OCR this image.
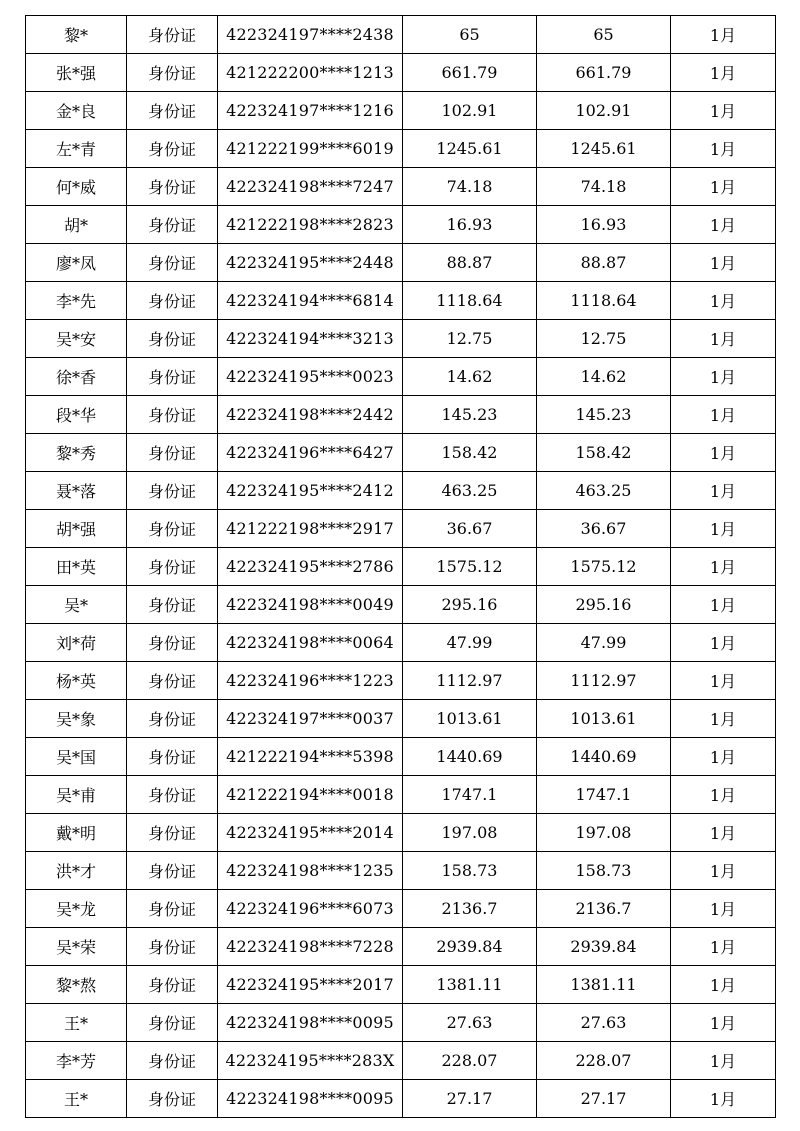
黎*	身份证	422324197****2438	65	65	1月
张*强	身份证	421222200****1213	661.79	661.79	1月
金*良	身份证	422324197****1216	102.91	102.91	1月
左*青	身份证	421222199****6019	1245.61	1245.61	1月
何*威	身份证	422324198****7247	74.18	74.18	1月
胡*	身份证	421222198****2823	16.93	16.93	1月
廖*凤	身份证	422324195****2448	88.87	88.87	1月
李*先	身份证	422324194****6814	1118.64	1118.64	1月
吴*安	身份证	422324194****3213	12.75	12.75	1月
徐*香	身份证	422324195****0023	14.62	14.62	1月
段*华	身份证	422324198****2442	145.23	145.23	1月
黎*秀	身份证	422324196****6427	158.42	158.42	1月
聂*落	身份证	422324195****2412	463.25	463.25	1月
胡*强	身份证	421222198****2917	36.67	36.67	1月
田*英	身份证	422324195****2786	1575.12	1575.12	1月
吴*	身份证	422324198****0049	295.16	295.16	1月
刘*荷	身份证	422324198****0064	47.99	47.99	1月
杨*英	身份证	422324196****1223	1112.97	1112.97	1月
吴*象	身份证	422324197****0037	1013.61	1013.61	1月
吴*国	身份证	421222194****5398	1440.69	1440.69	1月
吴*甫	身份证	421222194****0018	1747.1	1747.1	1月
戴*明	身份证	422324195****2014	197.08	197.08	1月
洪*才	身份证	422324198****1235	158.73	158.73	1月
吴*龙	身份证	422324196****6073	2136.7	2136.7	1月
吴*荣	身份证	422324198****7228	2939.84	2939.84	1月
黎*熬	身份证	422324195****2017	1381.11	1381.11	1月
王*	身份证	422324198****0095	27.63	27.63	1月
李*芳	身份证	422324195****283X	228.07	228.07	1月
王*	身份证	422324198****0095	27.17	27.17	1月
